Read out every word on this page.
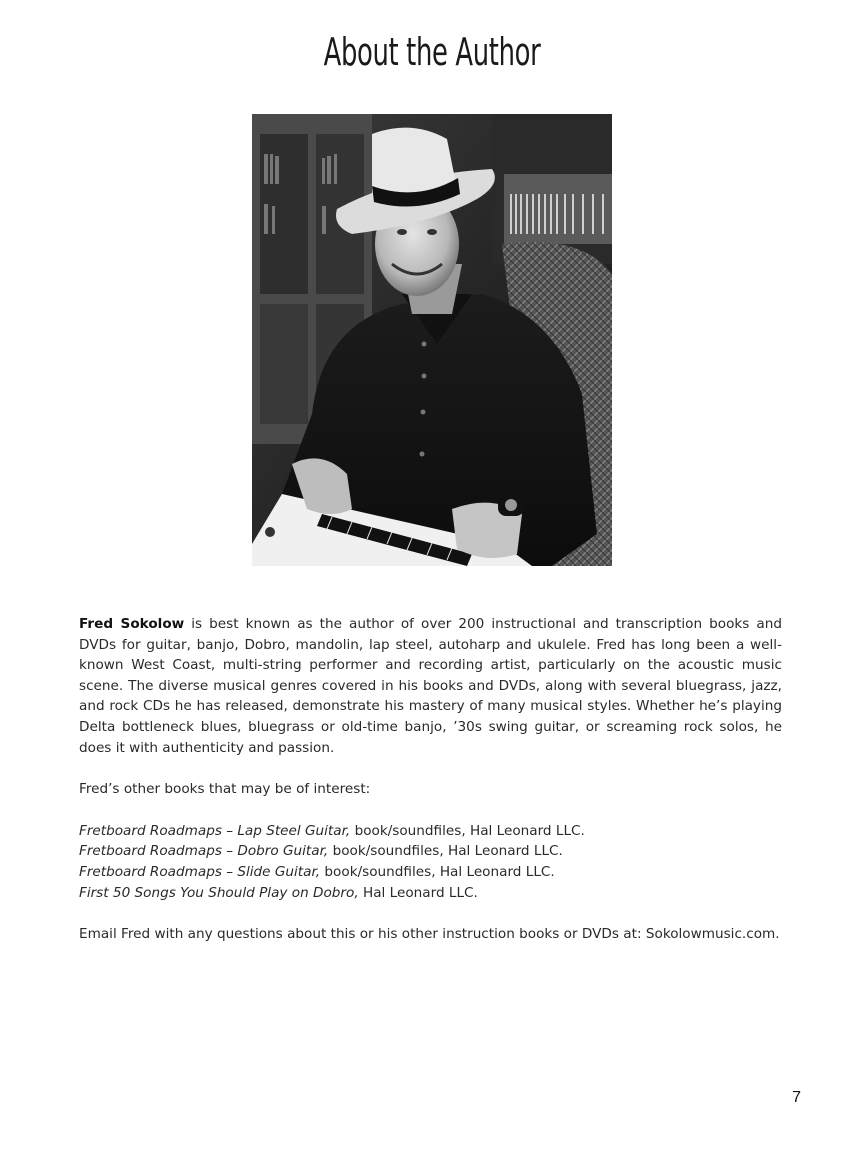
About the Author

Fred Sokolow is best known as the author of over 200 instructional and transcription books and DVDs for guitar, banjo, Dobro, mandolin, lap steel, autoharp and ukulele. Fred has long been a well-known West Coast, multi-string performer and recording artist, particularly on the acoustic music scene. The diverse musical genres covered in his books and DVDs, along with several bluegrass, jazz, and rock CDs he has released, demonstrate his mastery of many musical styles. Whether he’s playing Delta bottleneck blues, bluegrass or old-time banjo, ’30s swing guitar, or screaming rock solos, he does it with authenticity and passion.

Fred’s other books that may be of interest:

Fretboard Roadmaps – Lap Steel Guitar, book/soundfiles, Hal Leonard LLC.
Fretboard Roadmaps – Dobro Guitar, book/soundfiles, Hal Leonard LLC.
Fretboard Roadmaps – Slide Guitar, book/soundfiles, Hal Leonard LLC.
First 50 Songs You Should Play on Dobro, Hal Leonard LLC.

Email Fred with any questions about this or his other instruction books or DVDs at: Sokolowmusic.com.

7
